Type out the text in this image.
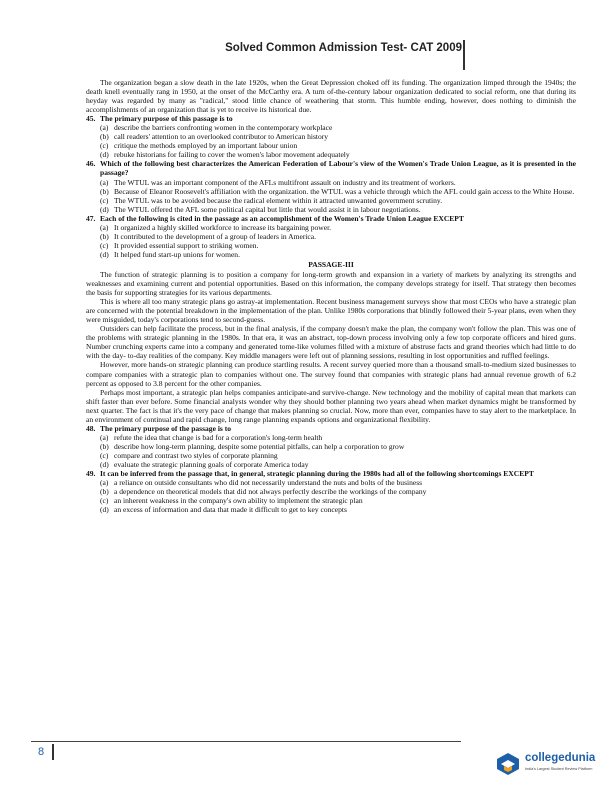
Solved Common Admission Test- CAT 2009

The organization began a slow death in the late 1920s, when the Great Depression choked off its funding. The organization limped through the 1940s; the death knell eventually rang in 1950, at the onset of the McCarthy era. A turn of-the-century labour organization dedicated to social reform, one that during its heyday was regarded by many as "radical," stood little chance of weathering that storm. This humble ending, however, does nothing to diminish the accomplishments of an organization that is yet to receive its historical due.

45. The primary purpose of this passage is to
(a) describe the barriers confronting women in the contemporary workplace
(b) call readers' attention to an overlooked contributor to American history
(c) critique the methods employed by an important labour union
(d) rebuke historians for failing to cover the women's labor movement adequately
46. Which of the following best characterizes the American Federation of Labour's view of the Women's Trade Union League, as it is presented in the passage?
(a) The WTUL was an important component of the AFLs multifront assault on industry and its treatment of workers.
(b) Because of Eleanor Roosevelt's affiliation with the organization. the WTUL was a vehicle through which the AFL could gain access to the White House.
(c) The WTUL was to be avoided because the radical element within it attracted unwanted government scrutiny.
(d) The WTUL offered the AFL some political capital but little that would assist it in labour negotiations.
47. Each of the following is cited in the passage as an accomplishment of the Women's Trade Union League EXCEPT
(a) It organized a highly skilled workforce to increase its bargaining power.
(b) It contributed to the development of a group of leaders in America.
(c) It provided essential support to striking women.
(d) It helped fund start-up unions for women.
PASSAGE-III

The function of strategic planning is to position a company for long-term growth and expansion in a variety of markets by analyzing its strengths and weaknesses and examining current and potential opportunities. Based on this information, the company develops strategy for itself. That strategy then becomes the basis for supporting strategies for its various departments.

This is where all too many strategic plans go astray-at implementation. Recent business management surveys show that most CEOs who have a strategic plan are concerned with the potential breakdown in the implementation of the plan. Unlike 1980s corporations that blindly followed their 5-year plans, even when they were misguided, today's corporations tend to second-guess.

Outsiders can help facilitate the process, but in the final analysis, if the company doesn't make the plan, the company won't follow the plan. This was one of the problems with strategic planning in the 1980s. In that era, it was an abstract, top-down process involving only a few top corporate officers and hired guns. Number crunching experts came into a company and generated tome-like volumes filled with a mixture of abstruse facts and grand theories which had little to do with the day- to-day realities of the company. Key middle managers were left out of planning sessions, resulting in lost opportunities and ruffled feelings.

However, more hands-on strategic planning can produce startling results. A recent survey queried more than a thousand small-to-medium sized businesses to compare companies with a strategic plan to companies without one. The survey found that companies with strategic plans had annual revenue growth of 6.2 percent as opposed to 3.8 percent for the other companies.

Perhaps most important, a strategic plan helps companies anticipate-and survive-change. New technology and the mobility of capital mean that markets can shift faster than ever before. Some financial analysts wonder why they should bother planning two years ahead when market dynamics might be transformed by next quarter. The fact is that it's the very pace of change that makes planning so crucial. Now, more than ever, companies have to stay alert to the marketplace. In an environment of continual and rapid change, long range planning expands options and organizational flexibility.

48. The primary purpose of the passage is to
(a) refute the idea that change is bad for a corporation's long-term health
(b) describe how long-term planning, despite some potential pitfalls, can help a corporation to grow
(c) compare and contrast two styles of corporate planning
(d) evaluate the strategic planning goals of corporate America today
49. It can be inferred from the passage that, in general, strategic planning during the 1980s had all of the following shortcomings EXCEPT
(a) a reliance on outside consultants who did not necessarily understand the nuts and bolts of the business
(b) a dependence on theoretical models that did not always perfectly describe the workings of the company
(c) an inherent weakness in the company's own ability to implement the strategic plan
(d) an excess of information and data that made it difficult to get to key concepts
8	collegedunia
India's Largest Student Review Platform
